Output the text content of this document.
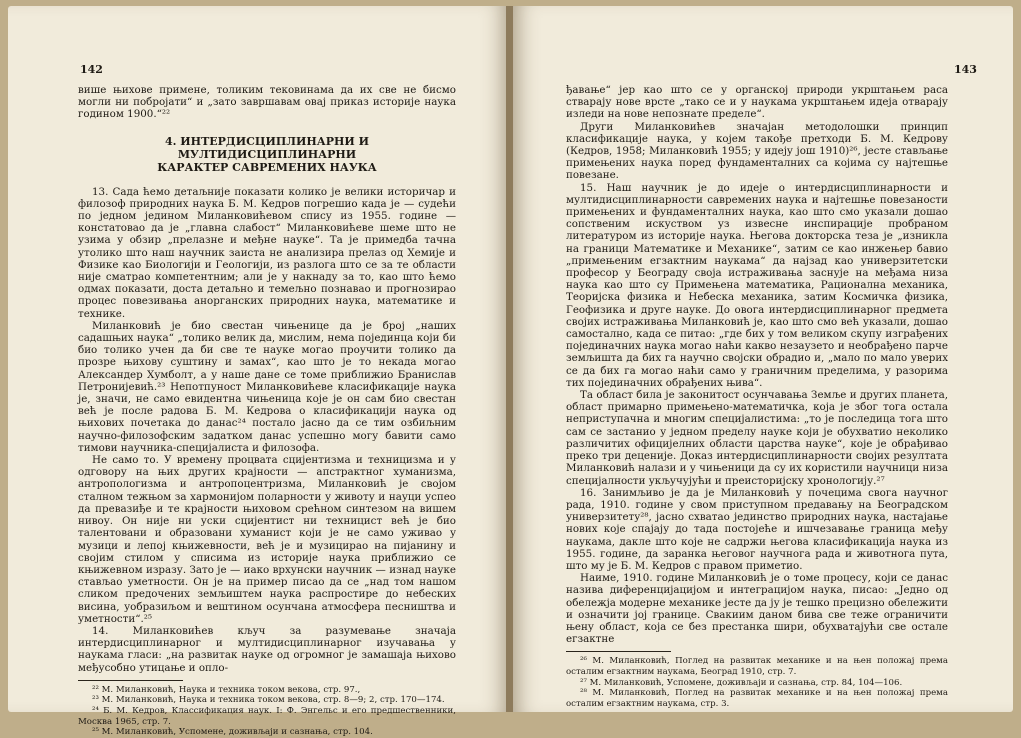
142

више њихове примене, толиким тековинама да их све не бисмо могли ни побројати“ и „зато завршавам овај приказ историје наука годином 1900.“²²

4. ИНТЕРДИСЦИПЛИНАРНИ И МУЛТИДИСЦИПЛИНАРНИ
КАРАКТЕР САВРЕМЕНИХ НАУКА

13. Сада ћемо детаљније показати колико је велики историчар и филозоф природних наука Б. М. Кедров погрешио када је — судећи по једном једином Миланковићевом спису из 1955. године — констатовао да је „главна слабост“ Миланковићеве шеме што не узима у обзир „прелазне и међне науке“. Та је примедба тачна утолико што наш научник заиста не анализира прелаз од Хемије и Физике као Биологији и Геологији, из разлога што се за те области није сматрао компетентним; али је у накнаду за то, као што ћемо одмах показати, доста детаљно и темељно познавао и прогнозирао процес повезивања анорганских природних наука, математике и технике.

Миланковић је био свестан чињенице да је број „наших садашњих наука“ „толико велик да, мислим, нема појединца који би био толико учен да би све те науке могао проучити толико да прозре њихову суштину и замах“, као што је то некада могао Александер Хумболт, а у наше дане се томе приближио Бранислав Петронијевић.²³ Непотпуност Миланковићеве класификације наука је, значи, не само евидентна чињеница које је он сам био свестан већ је после радова Б. М. Кедрова о класификацији наука од њихових почетака до данас²⁴ постало јасно да се тим озбиљним научно-филозофским задатком данас успешно могу бавити само тимови научника-специјалиста и филозофа.

Не само то. У времену процвата сцијентизма и техницизма и у одговору на њих других крајности — апстрактног хуманизма, антропологизма и антропоцентризма, Миланковић је својом сталном тежњом за хармонијом поларности у животу и науци успео да превазиђе и те крајности њиховом срећном синтезом на вишем нивоу. Он није ни уски сцијентист ни техницист већ је био талентовани и образовани хуманист који је не само уживао у музици и лепој књижевности, већ је и музицирао на пијанину и својим стилом у списима из историје наука приближио се књижевном изразу. Зато је — иако врхунски научник — изнад науке стављао уметности. Он је на пример писао да се „над том нашом сликом предочених земљиштем наука распростире до небеских висина, уобразиљом и вештином осунчана атмосфера песништва и уметности“.²⁵

14. Миланковићев кључ за разумевање значаја интердисциплинарног и мултидисциплинарног изучавања у наукама глаcи: „на развитак науке од огромног је замашаја њихово међусобно утицање и опло-

²² М. Миланковић, Наука и техника током векова, стр. 97.,

²³ М. Миланковић, Наука и техника током векова, стр. 8—9; 2, стр. 170—174.

²⁴ Б. М. Кедров, Классификация наук. I: Ф. Энгельс и его предшественники, Москва 1965, стр. 7.

²⁵ М. Миланковић, Успомене, доживљаји и сазнања, стр. 104.

143

ђавање“ јер као што се у органској природи укрштањем раса стварају нове врсте „тако се и у наукама укрштањем идеја отварају изледи на нове непознате пределе“.

Други Миланковићев значајан методолошки принцип класификације наука, у којем такође претходи Б. М. Кедрову (Кедров, 1958; Миланковић 1955; у идеју још 1910)²⁶, јесте стављање примењених наука поред фундаменталних са којима су најтешње повезане.

15. Наш научник је до идеје о интердисциплинарности и мултидисциплинарности савремених наука и најтешње повезаности примењених и фундаменталних наука, као што смо указали дошао сопственим искуством уз извесне инспирације пробраном литературом из историје наука. Његова докторска теза је „изникла на граници Математике и Механике“, затим се као инжењер бавио „примењеним егзактним наукама“ да најзад као универзитетски професор у Београду своја истраживања заснује на међама низа наука као што су Примењена математика, Рационална механика, Теоријска физика и Небеска механика, затим Космичка физика, Геофизика и друге науке. До овога интердисциплинарног предмета својих истраживања Миланковић је, као што смо већ указали, дошао самостално, када се питао: „где бих у том великом скупу изграђених појединачних наука могао наћи какво незаузето и необрађено парче земљишта да бих га научно својски обрадио и, „мало по мало уверих се да бих га могао наћи само у граничним пределима, у разорима тих појединачних обрађених њива“.

Та област била је законитост осунчавања Земље и других планета, област примарно примењено-математичка, која је због тога остала неприступачна и многим специјалистима: „то је последица тога што сам се застанио у једном пределу науке који је обухватио неколико различитих официјелних области царства науке“, које је обрађивао преко три деценије. Доказ интердисциплинарности својих резултата Миланковић налази и у чињеници да су их користили научници низа специјалности укључујући и преисторијску хронологију.²⁷

16. Занимљиво је да је Миланковић у почецима свога научног рада, 1910. године у свом приступном предавању на Београдском универзитету²⁸, јасно схватао јединство природних наука, настајање нових које спајају до тада постојеће и ишчезавање граница међу наукама, дакле што које не садржи његова класификација наука из 1955. године, да заранка његовог научнога рада и животнога пута, што му је Б. М. Кедров с правом приметио.

Наиме, 1910. године Миланковић је о томе процесу, који се данас назива диференцијацијом и интеграцијом наука, писао: „Једно од обележја модерне механике јесте да ју је тешко прецизно обележити и означити јој границе. Свакиим даном бива све теже ограничити њену област, која се без престанка шири, обухватајући све остале егзактне

²⁶ М. Миланковић, Поглед на развитак механике и на њен положај према осталим егзактним наукама, Београд 1910, стр. 7.

²⁷ М. Миланковић, Успомене, доживљаји и сазнања, стр. 84, 104—106.

²⁸ М. Миланковић, Поглед на развитак механике и на њен положај према осталим егзактним наукама, стр. 3.
